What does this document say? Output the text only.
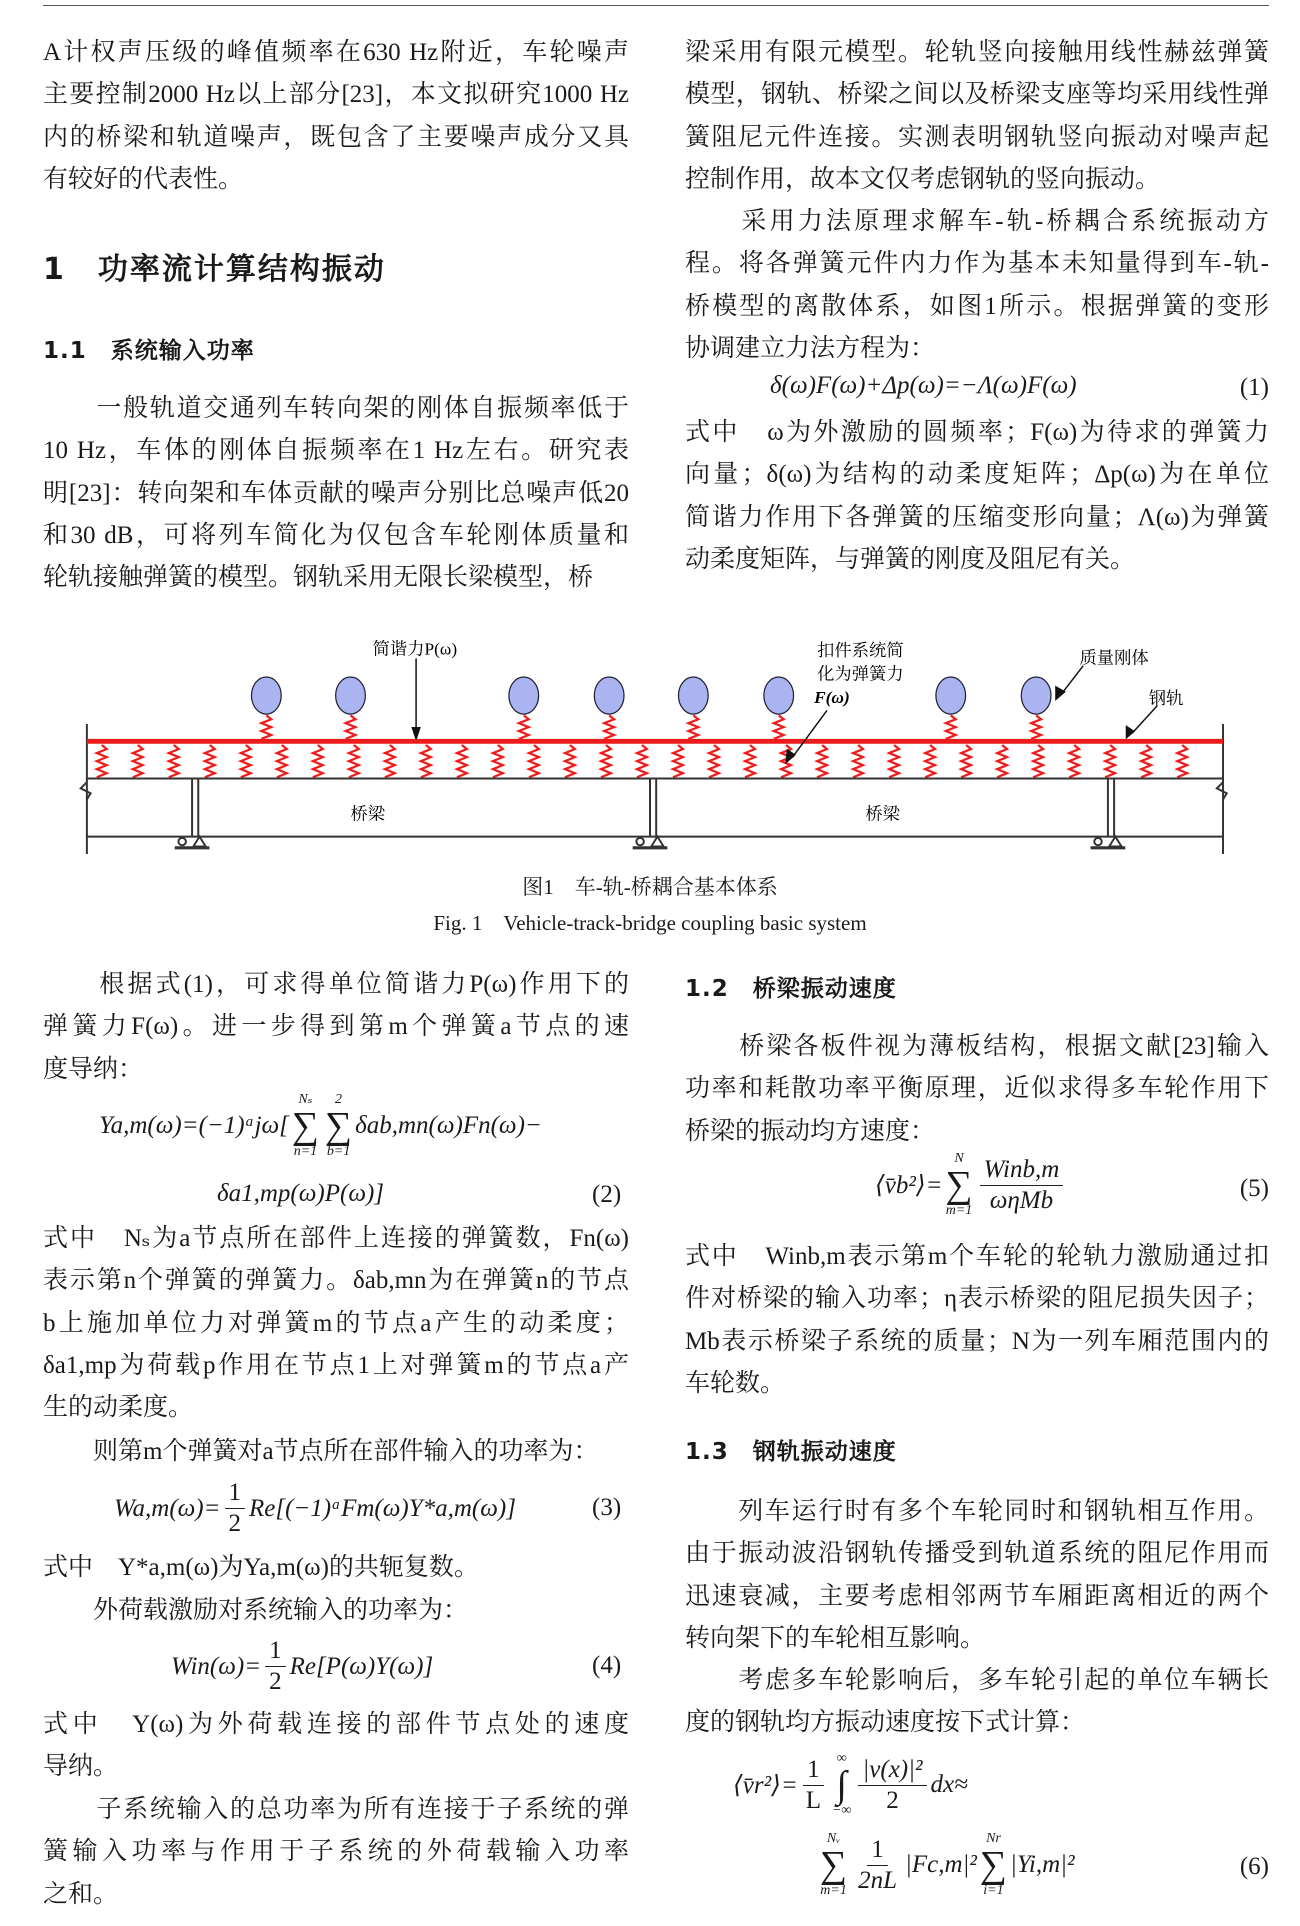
A计权声压级的峰值频率在630 Hz附近，车轮噪声
主要控制2000 Hz以上部分[23]，本文拟研究1000 Hz
内的桥梁和轨道噪声，既包含了主要噪声成分又具
有较好的代表性。
1　功率流计算结构振动
1.1　系统输入功率
　　一般轨道交通列车转向架的刚体自振频率低于
10 Hz，车体的刚体自振频率在1 Hz左右。研究表
明[23]：转向架和车体贡献的噪声分别比总噪声低20
和30 dB，可将列车简化为仅包含车轮刚体质量和
轮轨接触弹簧的模型。钢轨采用无限长梁模型，桥
梁采用有限元模型。轮轨竖向接触用线性赫兹弹簧
模型，钢轨、桥梁之间以及桥梁支座等均采用线性弹
簧阻尼元件连接。实测表明钢轨竖向振动对噪声起
控制作用，故本文仅考虑钢轨的竖向振动。
　　采用力法原理求解车-轨-桥耦合系统振动方
程。将各弹簧元件内力作为基本未知量得到车-轨-
桥模型的离散体系，如图1所示。根据弹簧的变形
协调建立力法方程为：
δ(ω)F(ω)+Δp(ω)=−Λ(ω)F(ω)	(1)
式中　ω为外激励的圆频率；F(ω)为待求的弹簧力
向量；δ(ω)为结构的动柔度矩阵；Δp(ω)为在单位
简谐力作用下各弹簧的压缩变形向量；Λ(ω)为弹簧
动柔度矩阵，与弹簧的刚度及阻尼有关。
简谐力P(ω)	扣件系统简
化为弹簧力
F(ω)
质量刚体
钢轨
桥梁	桥梁
图1　车-轨-桥耦合基本体系
Fig. 1　Vehicle-track-bridge coupling basic system
　　根据式(1)，可求得单位简谐力P(ω)作用下的
弹簧力F(ω)。进一步得到第m个弹簧a节点的速
度导纳：
Ya,m(ω)=(−1)ᵃjω[
Nₛ
∑
n=1
2
∑
b=1
δab,mn(ω)Fn(ω)−
δa1,mp(ω)P(ω)]	(2)
式中　Nₛ为a节点所在部件上连接的弹簧数，Fn(ω)
表示第n个弹簧的弹簧力。δab,mn为在弹簧n的节点
b上施加单位力对弹簧m的节点a产生的动柔度；
δa1,mp为荷载p作用在节点1上对弹簧m的节点a产
生的动柔度。
　　则第m个弹簧对a节点所在部件输入的功率为：
$Wa,m(\omega)= \frac{1}{2}$ Re[(−1)ᵃFm(ω)Y*a,m(ω)]	(3)
式中　Y*a,m(ω)为Ya,m(ω)的共轭复数。
　　外荷载激励对系统输入的功率为：
$Win(\omega)= \frac{1}{2} Re[P(\omega)Y(\omega)]$	(4)
式中　Y(ω)为外荷载连接的部件节点处的速度
导纳。
　　子系统输入的总功率为所有连接于子系统的弹
簧输入功率与作用于子系统的外荷载输入功率
之和。
1.2　桥梁振动速度
　　桥梁各板件视为薄板结构，根据文献[23]输入
功率和耗散功率平衡原理，近似求得多车轮作用下
桥梁的振动均方速度：
⟨v̄b²⟩=
N
∑
$m=1 \frac{\text{Winb,m}}{\text{ωηMb}}$	(5)
式中　Winb,m表示第m个车轮的轮轨力激励通过扣
件对桥梁的输入功率；η表示桥梁的阻尼损失因子；
Mb表示桥梁子系统的质量；N为一列车厢范围内的
车轮数。
1.3　钢轨振动速度
　　列车运行时有多个车轮同时和钢轨相互作用。
由于振动波沿钢轨传播受到轨道系统的阻尼作用而
迅速衰减，主要考虑相邻两节车厢距离相近的两个
转向架下的车轮相互影响。
　　考虑多车轮影响后，多车轮引起的单位车辆长
度的钢轨均方振动速度按下式计算：
⟨v̄r²⟩= $\frac{1}{L}$ ∞
∫
−∞ $\frac{\text{|v(x)|²}}{2} dx\approx$
Nᵥ
∑
$m=1 \frac{1}{2nL} |Fc,m|^2$
Nr
∑
i=1
|Yi,m|²	(6)
